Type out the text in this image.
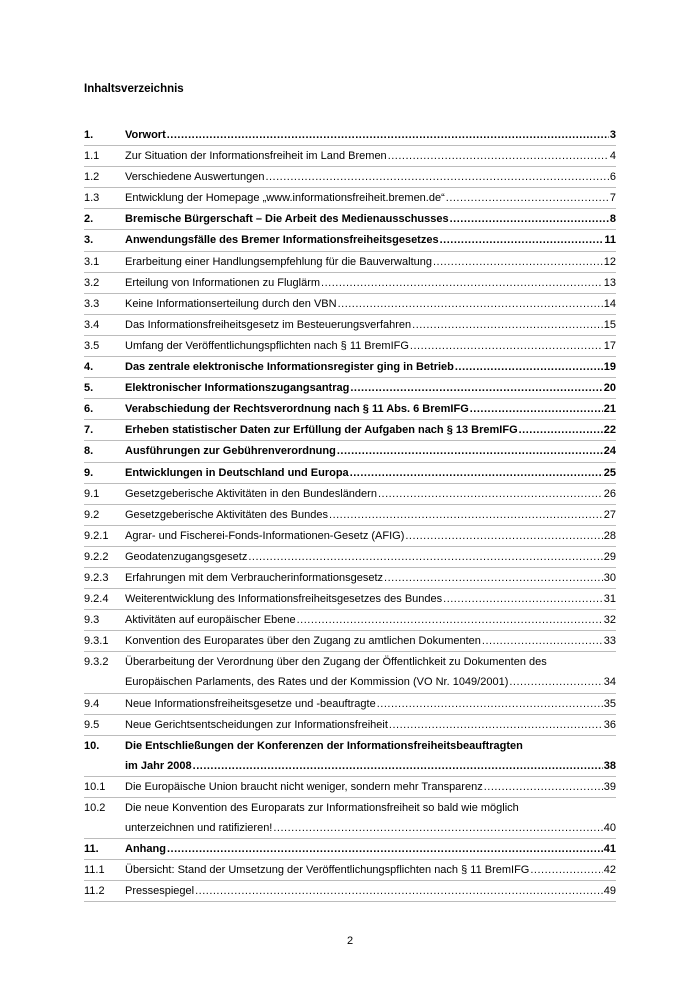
Inhaltsverzeichnis
1.	Vorwort .....	3
1.1 Zur Situation der Informationsfreiheit im Land Bremen .....	4
1.2 Verschiedene Auswertungen .....	6
1.3 Entwicklung der Homepage „www.informationsfreiheit.bremen.de“ .....	7
2.	Bremische Bürgerschaft – Die Arbeit des Medienausschusses .....	8
3.	Anwendungsfälle des Bremer Informationsfreiheitsgesetzes .....	11
3.1 Erarbeitung einer Handlungsempfehlung für die Bauverwaltung .....	12
3.2 Erteilung von Informationen zu Fluglärm .....	13
3.3 Keine Informationserteilung durch den VBN .....	14
3.4 Das Informationsfreiheitsgesetz im Besteuerungsverfahren .....	15
3.5 Umfang der Veröffentlichungspflichten nach § 11 BremIFG .....	17
4.	Das zentrale elektronische Informationsregister ging in Betrieb .....	19
5.	Elektronischer Informationszugangsantrag .....	20
6.	Verabschiedung der Rechtsverordnung nach § 11 Abs. 6 BremIFG .....	21
7.	Erheben statistischer Daten zur Erfüllung der Aufgaben nach § 13 BremIFG .....	22
8.	Ausführungen zur Gebührenverordnung .....	24
9.	Entwicklungen in Deutschland und Europa .....	25
9.1 Gesetzgeberische Aktivitäten in den Bundesländern .....	26
9.2 Gesetzgeberische Aktivitäten des Bundes .....	27
9.2.1 Agrar- und Fischerei-Fonds-Informationen-Gesetz (AFIG) .....	28
9.2.2 Geodatenzugangsgesetz .....	29
9.2.3 Erfahrungen mit dem Verbraucherinformationsgesetz .....	30
9.2.4 Weiterentwicklung des Informationsfreiheitsgesetzes des Bundes .....	31
9.3 Aktivitäten auf europäischer Ebene .....	32
9.3.1 Konvention des Europarates über den Zugang zu amtlichen Dokumenten .....	33
9.3.2 Überarbeitung der Verordnung über den Zugang der Öffentlichkeit zu Dokumenten des
Europäischen Parlaments, des Rates und der Kommission (VO Nr. 1049/2001) .....	34
9.4 Neue Informationsfreiheitsgesetze und -beauftragte .....	35
9.5 Neue Gerichtsentscheidungen zur Informationsfreiheit .....	36
10. Die Entschließungen der Konferenzen der Informationsfreiheitsbeauftragten
im Jahr 2008 .....	38
10.1 Die Europäische Union braucht nicht weniger, sondern mehr Transparenz .....	39
10.2 Die neue Konvention des Europarats zur Informationsfreiheit so bald wie möglich
unterzeichnen und ratifizieren! .....	40
11. Anhang .....	41
11.1 Übersicht: Stand der Umsetzung der Veröffentlichungspflichten nach § 11 BremIFG .....	42
11.2 Pressespiegel .....	49
2
